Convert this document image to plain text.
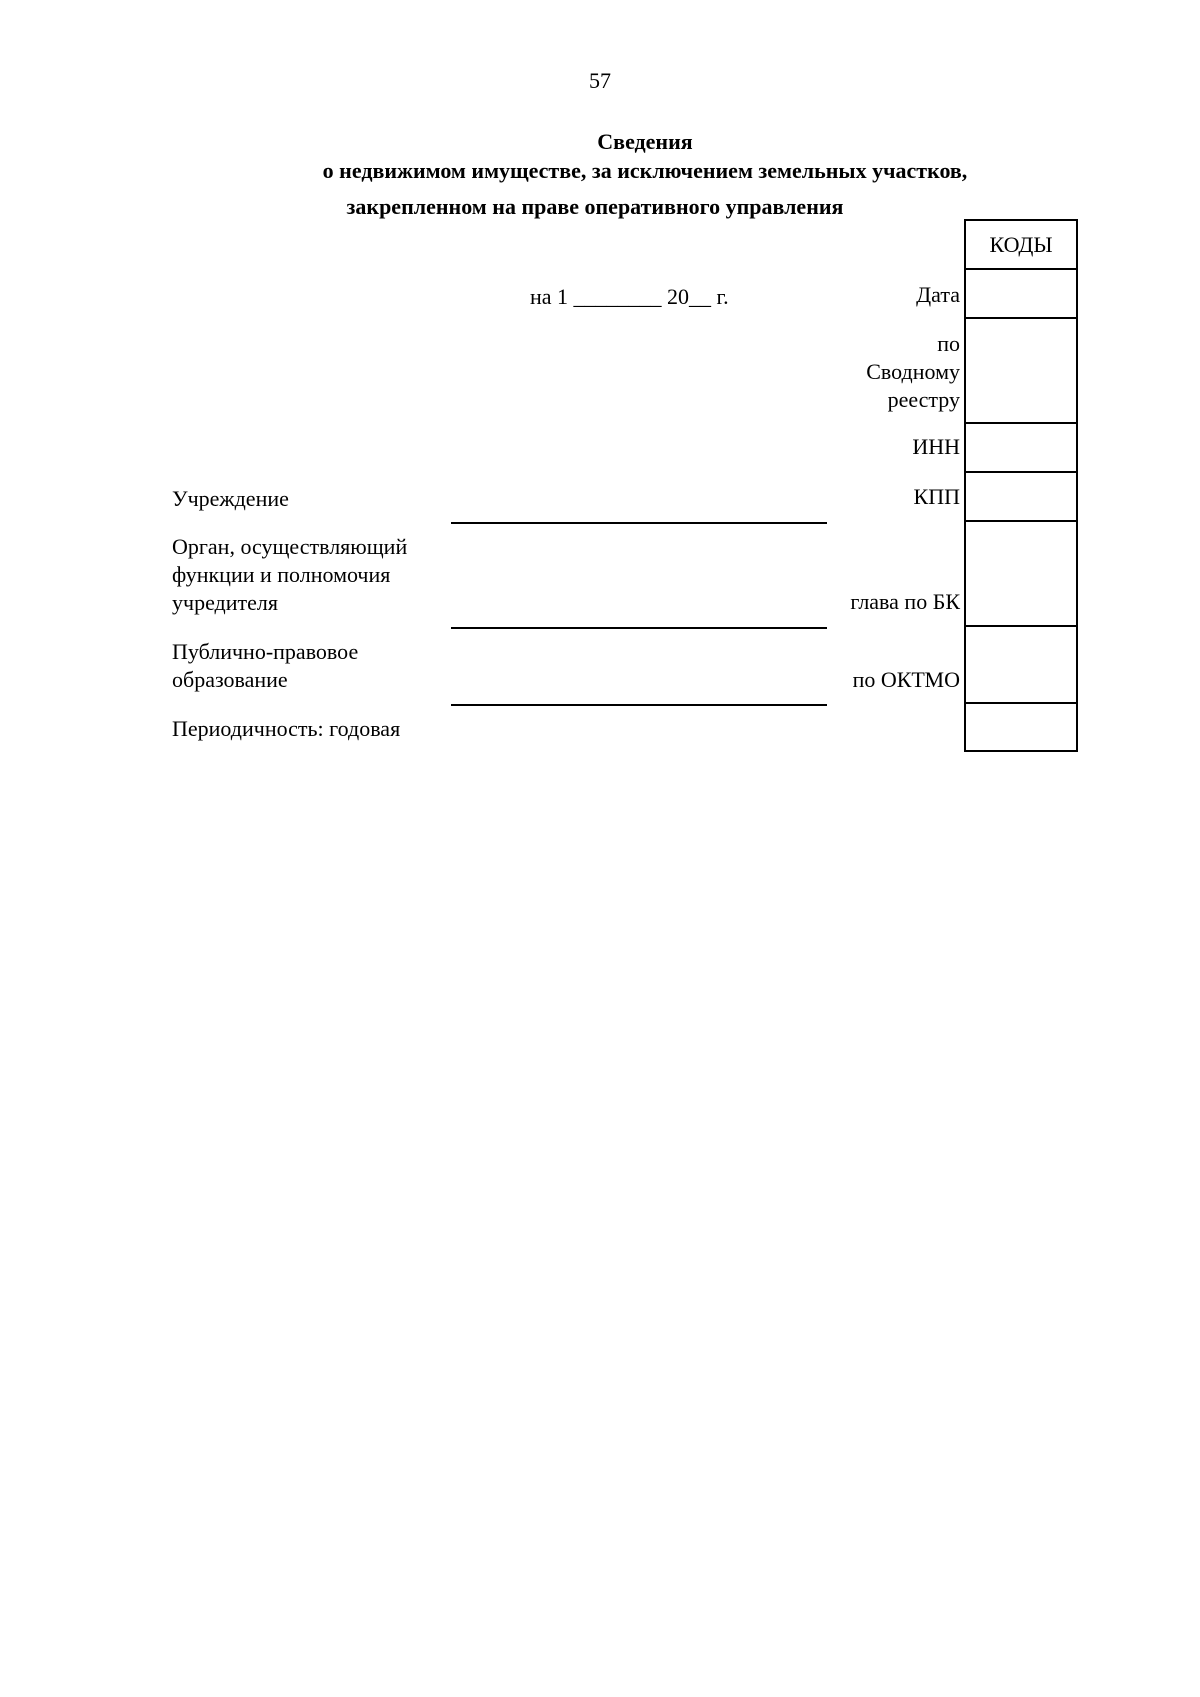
57
Сведения
о недвижимом имуществе, за исключением земельных участков,
закрепленном на праве оперативного управления
КОДЫ
на 1 ________ 20__ г.	Дата
по
Сводному
реестру
ИНН
КПП
глава по БК
по ОКТМО
Учреждение
Орган, осуществляющий
функции и полномочия
учредителя
Публично-правовое
образование
Периодичность: годовая
